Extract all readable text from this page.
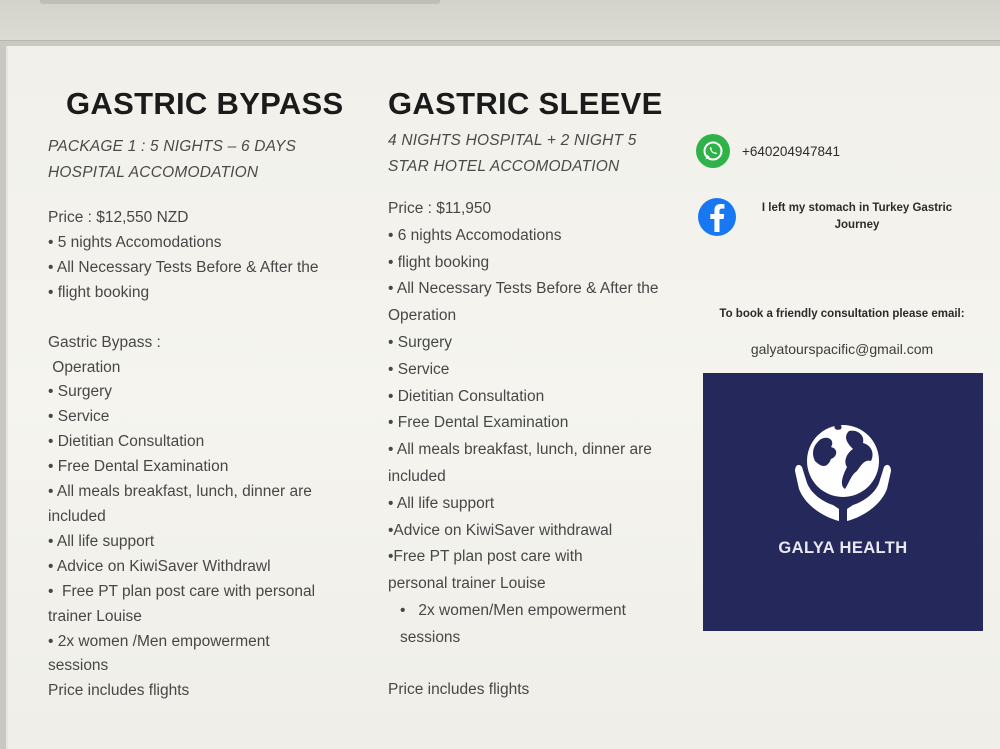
GASTRIC BYPASS
PACKAGE 1 : 5 NIGHTS – 6 DAYS
HOSPITAL ACCOMODATION
Price : $12,550 NZD
• 5 nights Accomodations
• All Necessary Tests Before & After the
• flight booking
Gastric Bypass :
Operation
• Surgery
• Service
• Dietitian Consultation
• Free Dental Examination
• All meals breakfast, lunch, dinner are included
• All life support
• Advice on KiwiSaver Withdrawl
•  Free PT plan post care with personal trainer Louise
• 2x women /Men empowerment sessions
Price includes flights
GASTRIC SLEEVE
4 NIGHTS HOSPITAL + 2 NIGHT 5
STAR HOTEL ACCOMODATION
Price : $11,950
• 6 nights Accomodations
• flight booking
• All Necessary Tests Before & After the Operation
• Surgery
• Service
• Dietitian Consultation
• Free Dental Examination
• All meals breakfast, lunch, dinner are included
• All life support
•Advice on KiwiSaver withdrawal
•Free PT plan post care with personal trainer Louise
•   2x women/Men empowerment sessions
Price includes flights
+640204947841
I left my stomach in Turkey Gastric Journey
To book a friendly consultation please email:
galyatourspacific@gmail.com
GALYA HEALTH
